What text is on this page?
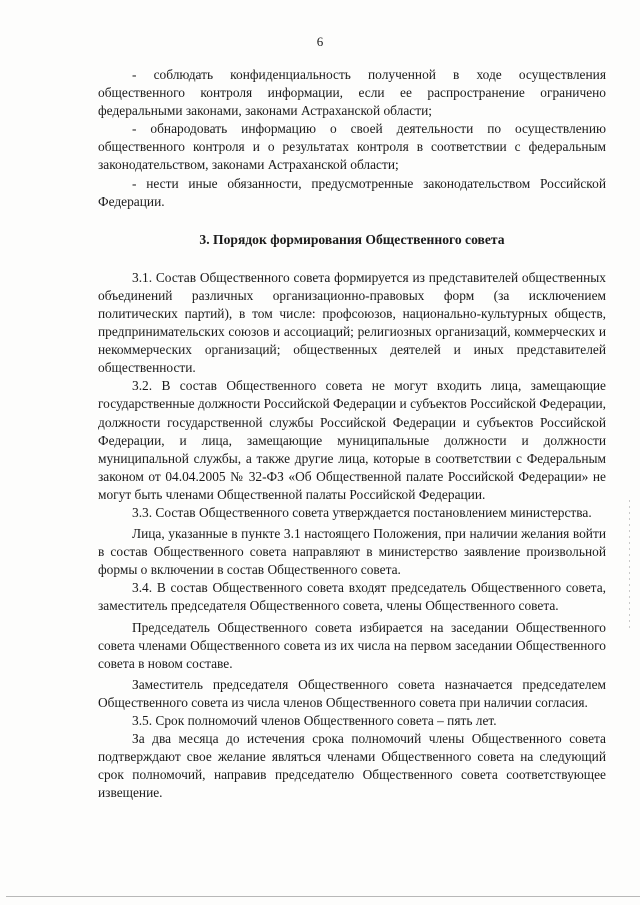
6

- соблюдать конфиденциальность полученной в ходе осуществления общественного контроля информации, если ее распространение ограничено федеральными законами, законами Астраханской области;

- обнародовать информацию о своей деятельности по осуществлению общественного контроля и о результатах контроля в соответствии с федеральным законодательством, законами Астраханской области;

- нести иные обязанности, предусмотренные законодательством Российской Федерации.

3. Порядок формирования Общественного совета

3.1. Состав Общественного совета формируется из представителей общественных объединений различных организационно-правовых форм (за исключением политических партий), в том числе: профсоюзов, национально-культурных обществ, предпринимательских союзов и ассоциаций; религиозных организаций, коммерческих и некоммерческих организаций; общественных деятелей и иных представителей общественности.

3.2. В состав Общественного совета не могут входить лица, замещающие государственные должности Российской Федерации и субъектов Российской Федерации, должности государственной службы Российской Федерации и субъектов Российской Федерации, и лица, замещающие муниципальные должности и должности муниципальной службы, а также другие лица, которые в соответствии с Федеральным законом от 04.04.2005 № 32-ФЗ «Об Общественной палате Российской Федерации» не могут быть членами Общественной палаты Российской Федерации.

3.3. Состав Общественного совета утверждается постановлением министерства.

Лица, указанные в пункте 3.1 настоящего Положения, при наличии желания войти в состав Общественного совета направляют в министерство заявление произвольной формы о включении в состав Общественного совета.

3.4. В состав Общественного совета входят председатель Общественного совета, заместитель председателя Общественного совета, члены Общественного совета.

Председатель Общественного совета избирается на заседании Общественного совета членами Общественного совета из их числа на первом заседании Общественного совета в новом составе.

Заместитель председателя Общественного совета назначается председателем Общественного совета из числа членов Общественного совета при наличии согласия.

3.5. Срок полномочий членов Общественного совета – пять лет.

За два месяца до истечения срока полномочий члены Общественного совета подтверждают свое желание являться членами Общественного совета на следующий срок полномочий, направив председателю Общественного совета соответствующее извещение.
